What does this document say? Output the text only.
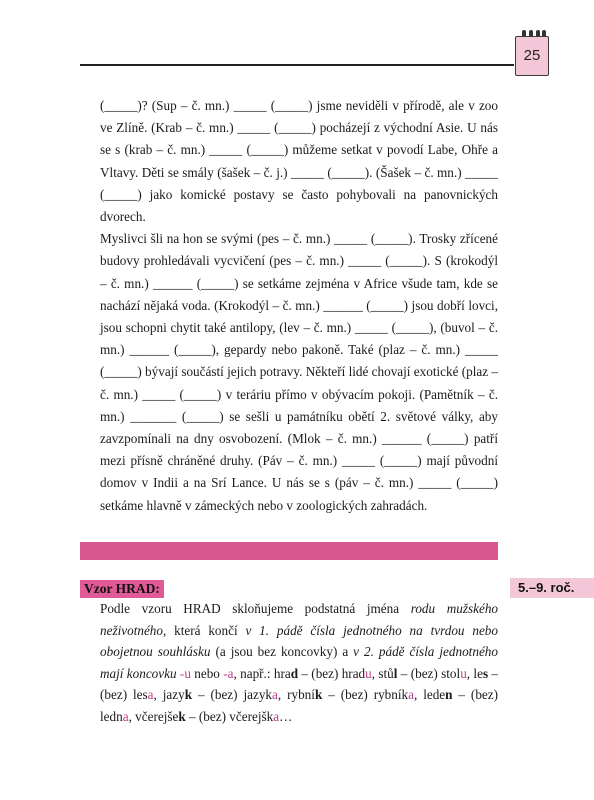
25

(_____)? (Sup – č. mn.) _____ (_____) jsme neviděli v přírodě, ale v zoo ve Zlíně. (Krab – č. mn.) _____ (_____) pocházejí z východní Asie. U nás se s (krab – č. mn.) _____ (_____) můžeme setkat v povodí Labe, Ohře a Vltavy. Děti se smály (šašek – č. j.) _____ (_____). (Šašek – č. mn.) _____ (_____) jako komické postavy se často pohybovali na panovnických dvorech.

Myslivci šli na hon se svými (pes – č. mn.) _____ (_____). Trosky zřícené budovy prohledávali vycvičení (pes – č. mn.) _____ (_____). S (krokodýl – č. mn.) ______ (_____) se setkáme zejména v Africe všude tam, kde se nachází nějaká voda. (Krokodýl – č. mn.) ______ (_____) jsou dobří lovci, jsou schopni chytit také antilopy, (lev – č. mn.) _____ (_____), (buvol – č. mn.) ______ (_____), gepardy nebo pakoně. Také (plaz – č. mn.) _____ (_____) bývají součástí jejich potravy. Někteří lidé chovají exotické (plaz – č. mn.) _____ (_____) v teráriu přímo v obývacím pokoji. (Pamětník – č. mn.) _______ (_____) se sešli u památníku obětí 2. světové války, aby zavzpomínali na dny osvobození. (Mlok – č. mn.) ______ (_____) patří mezi přísně chráněné druhy. (Páv – č. mn.) _____ (_____) mají původní domov v Indii a na Srí Lance. U nás se s (páv – č. mn.) _____ (_____) setkáme hlavně v zámeckých nebo v zoologických zahradách.

Vzor HRAD:	5.–9. roč.

Podle vzoru HRAD skloňujeme podstatná jména rodu mužského neživotného, která končí v 1. pádě čísla jednotného na tvrdou nebo obojetnou souhlásku (a jsou bez koncovky) a v 2. pádě čísla jednotného mají koncovku -u nebo -a, např.: hrad – (bez) hradu, stůl – (bez) stolu, les – (bez) lesa, jazyk – (bez) jazyka, rybník – (bez) rybníka, leden – (bez) ledna, včerejšek – (bez) včerejška…
